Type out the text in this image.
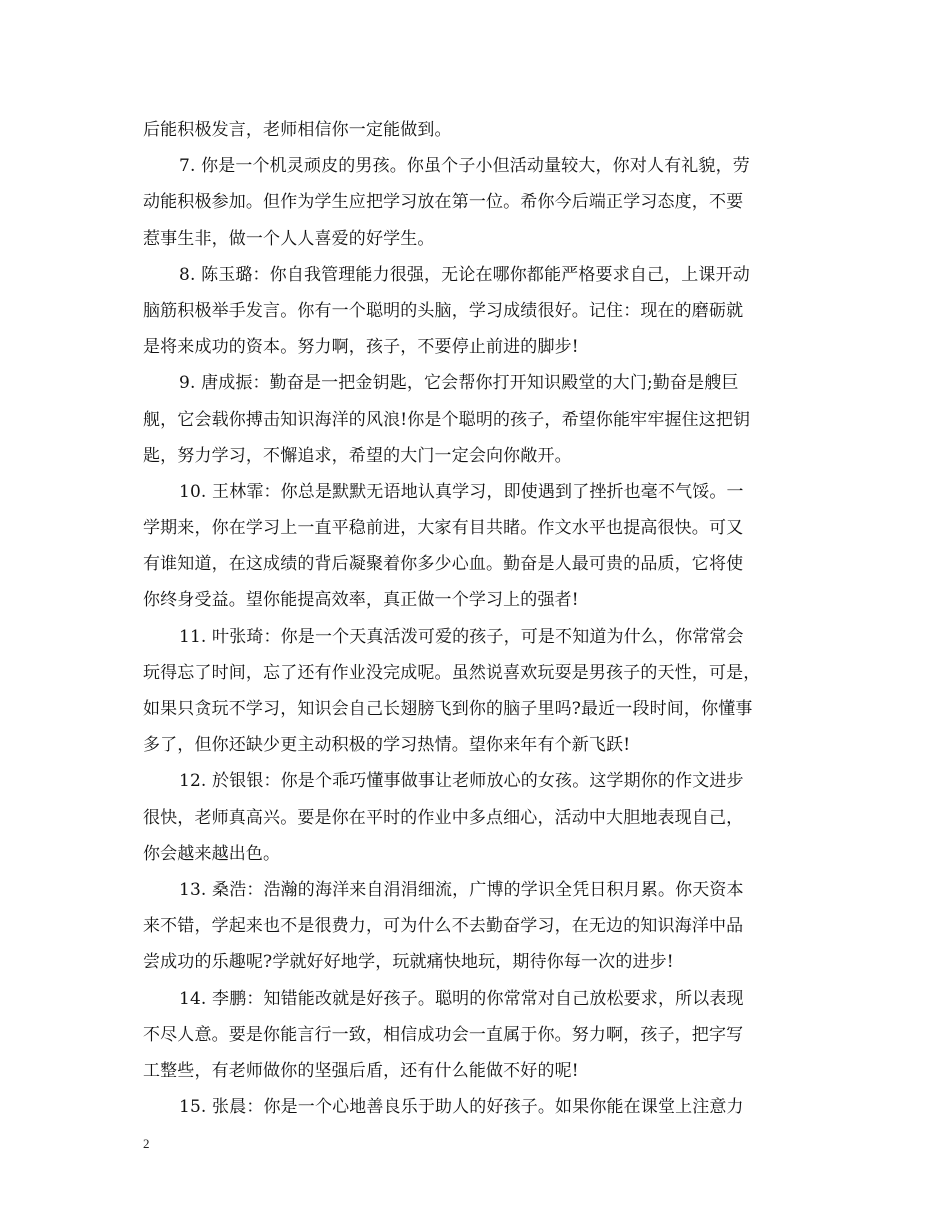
后能积极发言，老师相信你一定能做到。
7. 你是一个机灵顽皮的男孩。你虽个子小但活动量较大，你对人有礼貌，劳
动能积极参加。但作为学生应把学习放在第一位。希你今后端正学习态度，不要
惹事生非，做一个人人喜爱的好学生。
8. 陈玉璐：你自我管理能力很强，无论在哪你都能严格要求自己，上课开动
脑筋积极举手发言。你有一个聪明的头脑，学习成绩很好。记住：现在的磨砺就
是将来成功的资本。努力啊，孩子，不要停止前进的脚步!
9. 唐成振：勤奋是一把金钥匙，它会帮你打开知识殿堂的大门;勤奋是艘巨
舰，它会载你搏击知识海洋的风浪!你是个聪明的孩子，希望你能牢牢握住这把钥
匙，努力学习，不懈追求，希望的大门一定会向你敞开。
10. 王林霏：你总是默默无语地认真学习，即使遇到了挫折也毫不气馁。一
学期来，你在学习上一直平稳前进，大家有目共睹。作文水平也提高很快。可又
有谁知道，在这成绩的背后凝聚着你多少心血。勤奋是人最可贵的品质，它将使
你终身受益。望你能提高效率，真正做一个学习上的强者!
11. 叶张琦：你是一个天真活泼可爱的孩子，可是不知道为什么，你常常会
玩得忘了时间，忘了还有作业没完成呢。虽然说喜欢玩耍是男孩子的天性，可是，
如果只贪玩不学习，知识会自己长翅膀飞到你的脑子里吗?最近一段时间，你懂事
多了，但你还缺少更主动积极的学习热情。望你来年有个新飞跃!
12. 於银银：你是个乖巧懂事做事让老师放心的女孩。这学期你的作文进步
很快，老师真高兴。要是你在平时的作业中多点细心，活动中大胆地表现自己，
你会越来越出色。
13. 桑浩：浩瀚的海洋来自涓涓细流，广博的学识全凭日积月累。你天资本
来不错，学起来也不是很费力，可为什么不去勤奋学习，在无边的知识海洋中品
尝成功的乐趣呢?学就好好地学，玩就痛快地玩，期待你每一次的进步!
14. 李鹏：知错能改就是好孩子。聪明的你常常对自己放松要求，所以表现
不尽人意。要是你能言行一致，相信成功会一直属于你。努力啊，孩子，把字写
工整些，有老师做你的坚强后盾，还有什么能做不好的呢!
15. 张晨：你是一个心地善良乐于助人的好孩子。如果你能在课堂上注意力
2
